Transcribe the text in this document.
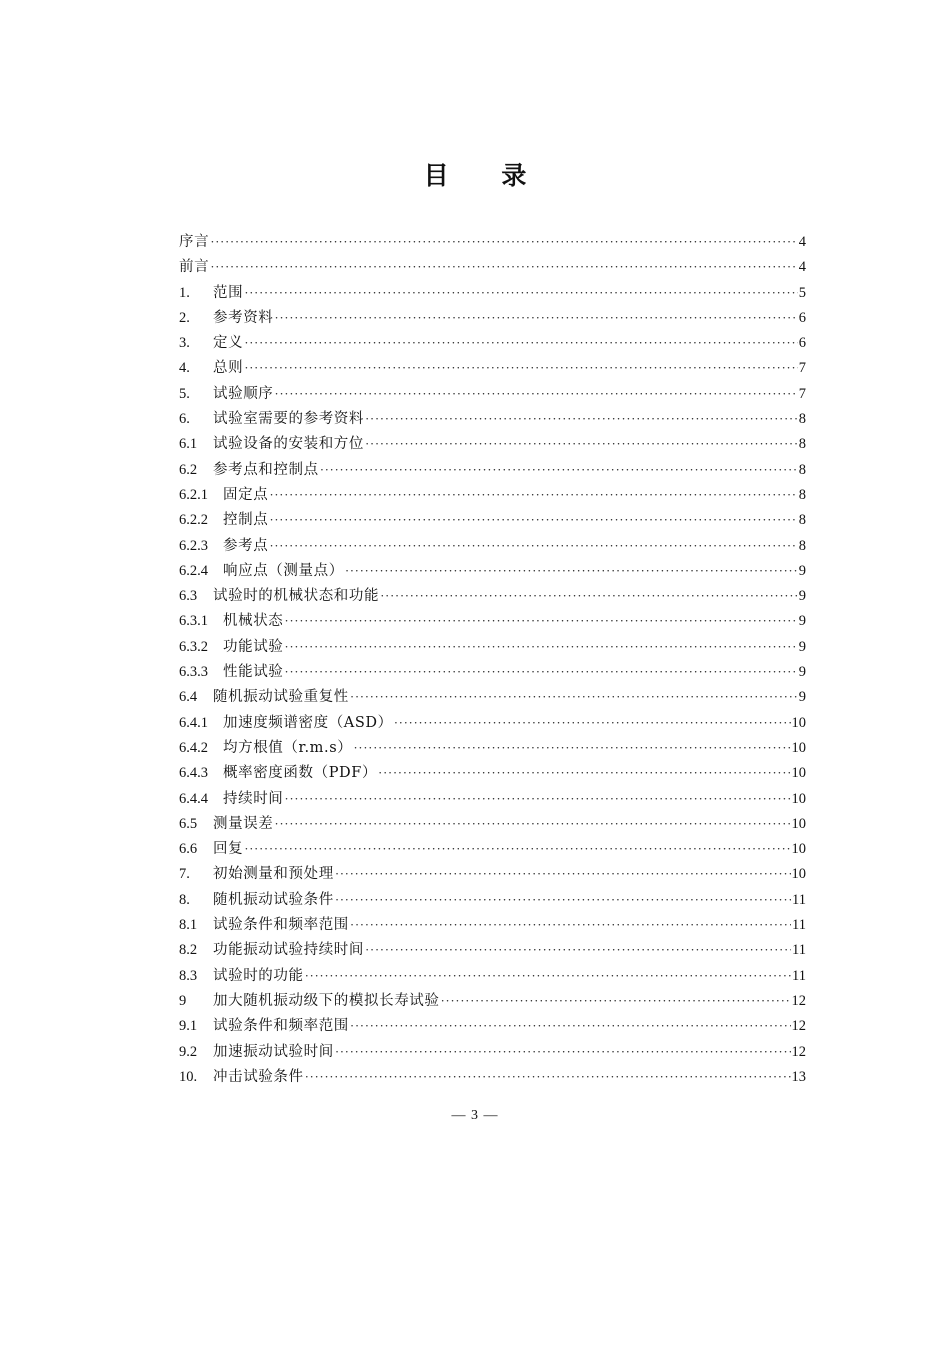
目 录
序言 ·····	4
前言 ·····	4
1.	范围 ·····	5
2.	参考资料 ·····	6
3.	定义 ·····	6
4.	总则 ·····	7
5.	试验顺序 ·····	7
6.	试验室需要的参考资料 ·····	8
6.1	试验设备的安装和方位 ·····	8
6.2	参考点和控制点 ·····	8
6.2.1	固定点 ·····	8
6.2.2	控制点 ·····	8
6.2.3	参考点 ·····	8
6.2.4	响应点（测量点） ·····	9
6.3	试验时的机械状态和功能 ·····	9
6.3.1	机械状态 ·····	9
6.3.2	功能试验 ·····	9
6.3.3	性能试验 ·····	9
6.4	随机振动试验重复性 ·····	9
6.4.1	加速度频谱密度（ASD） ·····	10
6.4.2	均方根值（r.m.s） ·····	10
6.4.3	概率密度函数（PDF） ·····	10
6.4.4	持续时间 ·····	10
6.5	测量误差 ·····	10
6.6	回复 ·····	10
7.	初始测量和预处理 ·····	10
8.	随机振动试验条件 ·····	11
8.1	试验条件和频率范围 ·····	11
8.2	功能振动试验持续时间 ·····	11
8.3	试验时的功能 ·····	11
9	加大随机振动级下的模拟长寿试验 ·····	12
9.1	试验条件和频率范围 ·····	12
9.2	加速振动试验时间 ·····	12
10.	冲击试验条件 ·····	13
— 3 —
